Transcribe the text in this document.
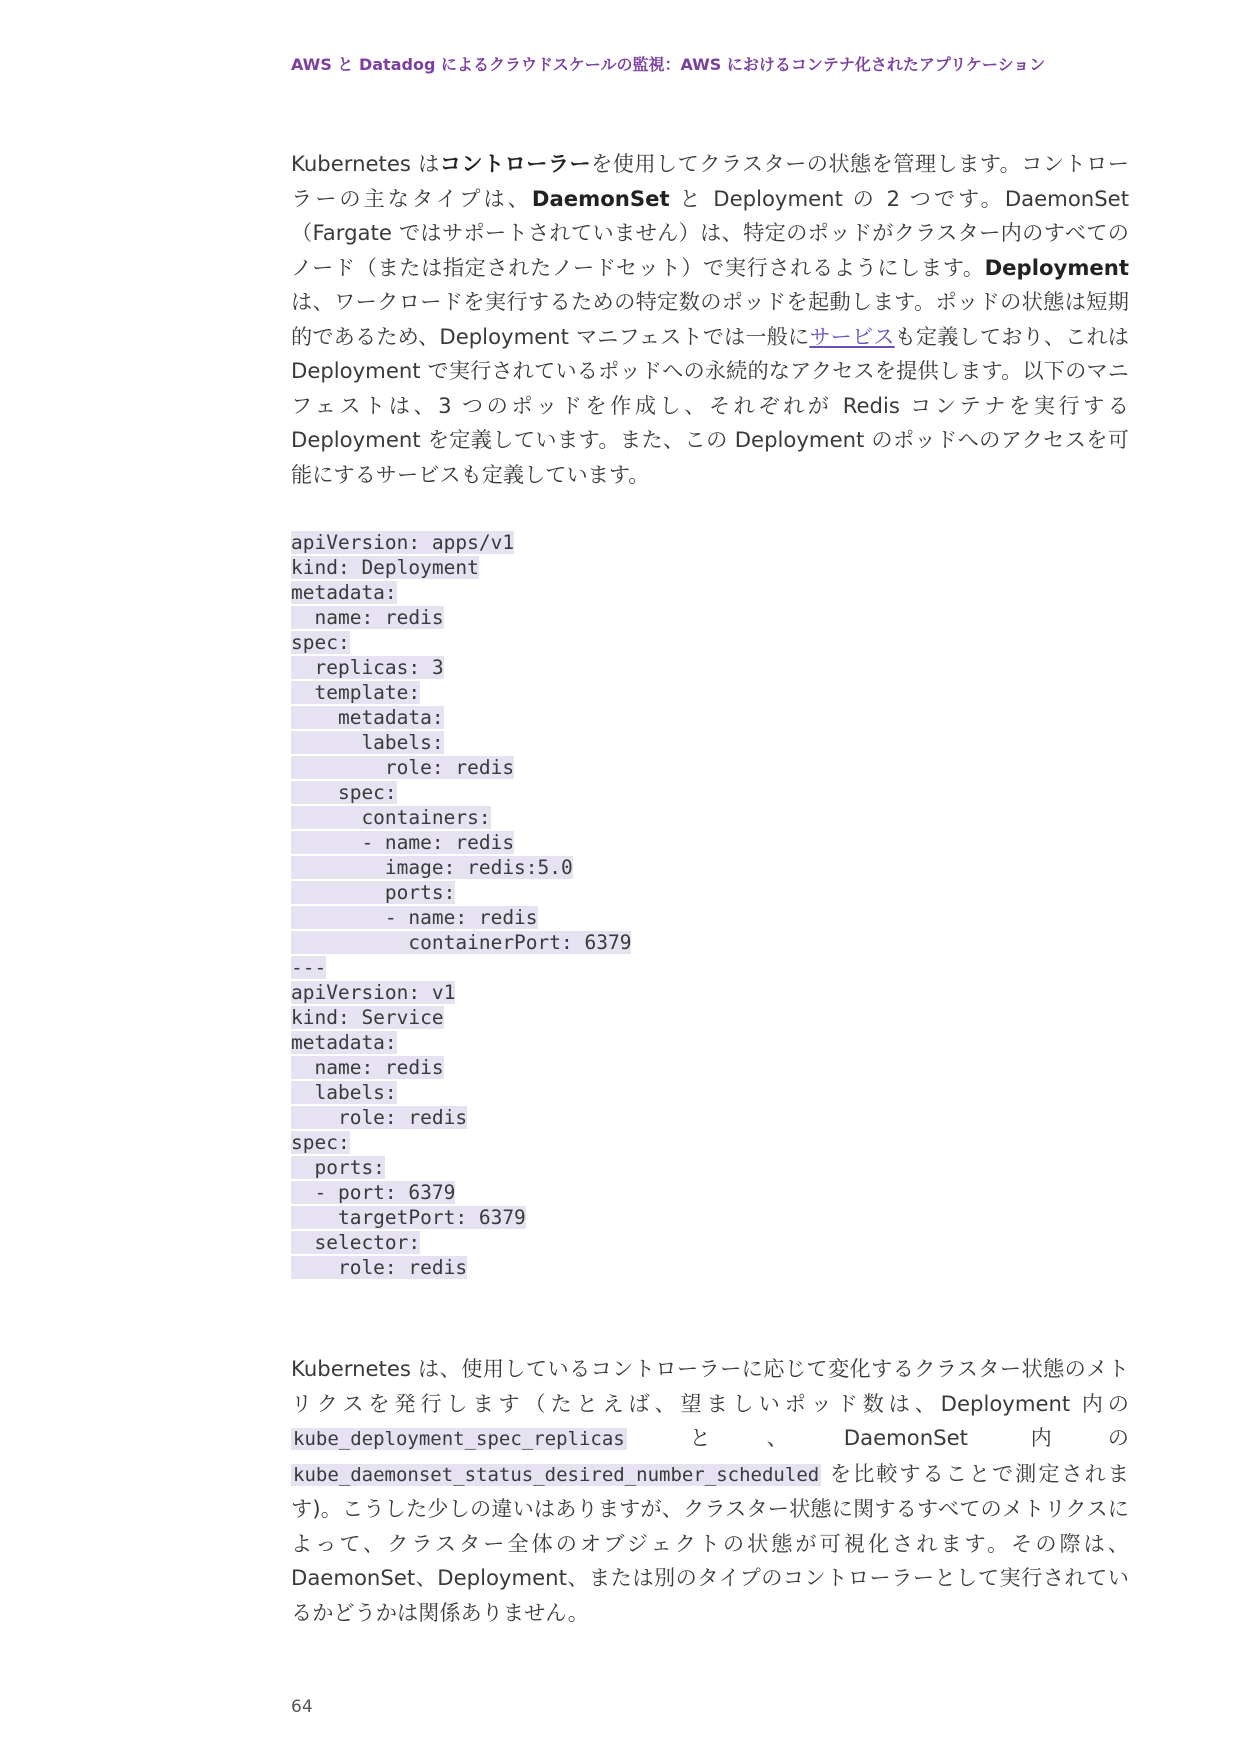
AWS と Datadog によるクラウドスケールの監視：AWS におけるコンテナ化されたアプリケーション
Kubernetes はコントローラーを使用してクラスターの状態を管理します。コントローラーの主なタイプは、DaemonSet と Deployment の 2 つです。DaemonSet（Fargate ではサポートされていません）は、特定のポッドがクラスター内のすべてのノード（または指定されたノードセット）で実行されるようにします。Deployment は、ワークロードを実行するための特定数のポッドを起動します。ポッドの状態は短期的であるため、Deployment マニフェストでは一般にサービスも定義しており、これは Deployment で実行されているポッドへの永続的なアクセスを提供します。以下のマニフェストは、3 つのポッドを作成し、それぞれが Redis コンテナを実行する Deployment を定義しています。また、この Deployment のポッドへのアクセスを可能にするサービスも定義しています。
apiVersion: apps/v1
kind: Deployment
metadata:
name: redis
spec:
replicas: 3
template:
metadata:
labels:
role: redis
spec:
containers:
- name: redis
image: redis:5.0
ports:
- name: redis
containerPort: 6379
---
apiVersion: v1
kind: Service
metadata:
name: redis
labels:
role: redis
spec:
ports:
- port: 6379
targetPort: 6379
selector:
role: redis
Kubernetes は、使用しているコントローラーに応じて変化するクラスター状態のメトリクスを発行します（たとえば、望ましいポッド数は、Deployment 内の kube_deployment_spec_replicas と、DaemonSet 内の kube_daemonset_status_desired_number_scheduled を比較することで測定されます)。こうした少しの違いはありますが、クラスター状態に関するすべてのメトリクスによって、クラスター全体のオブジェクトの状態が可視化されます。その際は、DaemonSet、Deployment、または別のタイプのコントローラーとして実行されているかどうかは関係ありません。
64
